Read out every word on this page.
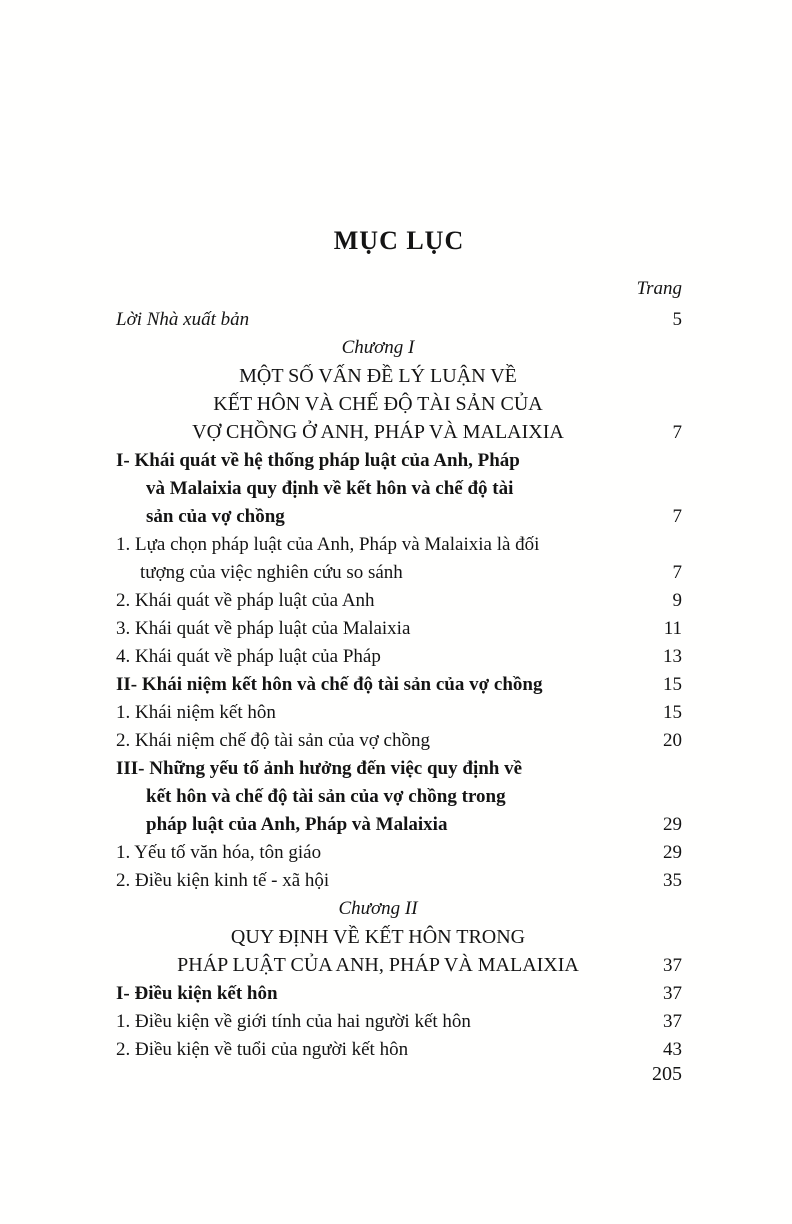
MỤC LỤC
Trang
Lời Nhà xuất bản	5
Chương I
MỘT SỐ VẤN ĐỀ LÝ LUẬN VỀ
KẾT HÔN VÀ CHẾ ĐỘ TÀI SẢN CỦA
VỢ CHỒNG Ở ANH, PHÁP VÀ MALAIXIA	7
I- Khái quát về hệ thống pháp luật của Anh, Pháp
và Malaixia quy định về kết hôn và chế độ tài
sản của vợ chồng	7
1. Lựa chọn pháp luật của Anh, Pháp và Malaixia là đối
tượng của việc nghiên cứu so sánh	7
2. Khái quát về pháp luật của Anh	9
3. Khái quát về pháp luật của Malaixia	11
4. Khái quát về pháp luật của Pháp	13
II- Khái niệm kết hôn và chế độ tài sản của vợ chồng	15
1. Khái niệm kết hôn	15
2. Khái niệm chế độ tài sản của vợ chồng	20
III- Những yếu tố ảnh hưởng đến việc quy định về
kết hôn và chế độ tài sản của vợ chồng trong
pháp luật của Anh, Pháp và Malaixia	29
1. Yếu tố văn hóa, tôn giáo	29
2. Điều kiện kinh tế - xã hội	35
Chương II
QUY ĐỊNH VỀ KẾT HÔN TRONG
PHÁP LUẬT CỦA ANH, PHÁP VÀ MALAIXIA	37
I- Điều kiện kết hôn	37
1. Điều kiện về giới tính của hai người kết hôn	37
2. Điều kiện về tuổi của người kết hôn	43
205
